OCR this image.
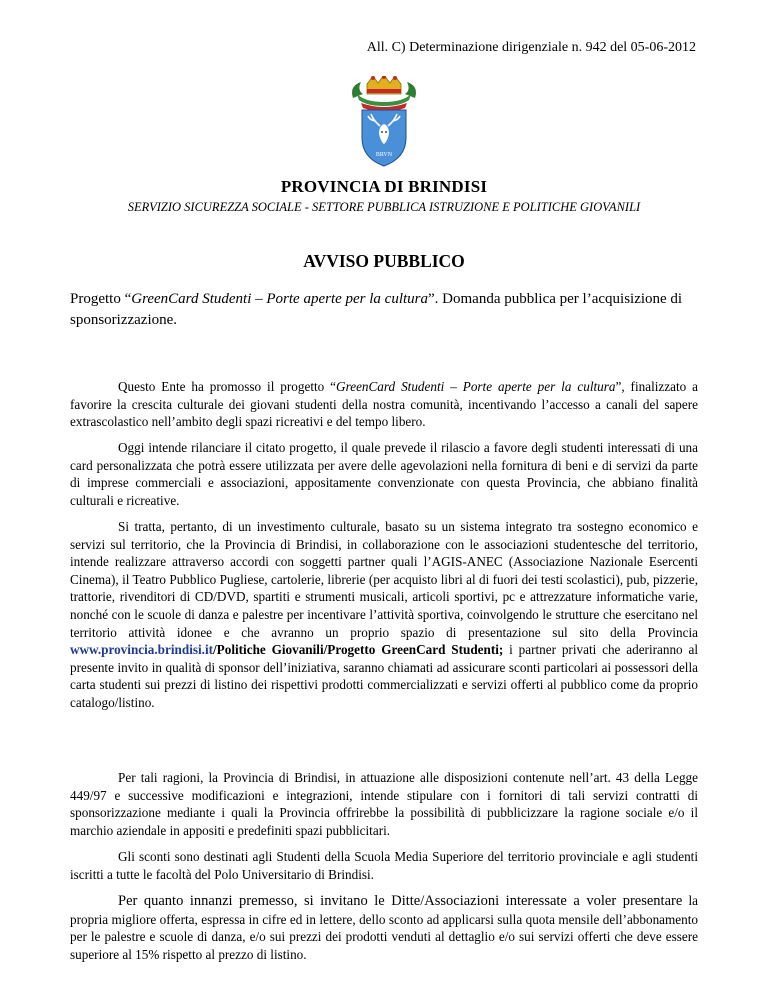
All. C) Determinazione dirigenziale n. 942 del 05-06-2012
BRVN
PROVINCIA DI BRINDISI
SERVIZIO SICUREZZA SOCIALE - SETTORE PUBBLICA ISTRUZIONE E POLITICHE GIOVANILI
AVVISO PUBBLICO
Progetto “GreenCard Studenti – Porte aperte per la cultura”. Domanda pubblica per l’acquisizione di sponsorizzazione.
Questo Ente ha promosso il progetto “GreenCard Studenti – Porte aperte per la cultura”, finalizzato a favorire la crescita culturale dei giovani studenti della nostra comunità, incentivando l’accesso a canali del sapere extrascolastico nell’ambito degli spazi ricreativi e del tempo libero.
Oggi intende rilanciare il citato progetto, il quale prevede il rilascio a favore degli studenti interessati di una card personalizzata che potrà essere utilizzata per avere delle agevolazioni nella fornitura di beni e di servizi da parte di imprese commerciali e associazioni, appositamente convenzionate con questa Provincia, che abbiano finalità culturali e ricreative.
Si tratta, pertanto, di un investimento culturale, basato su un sistema integrato tra sostegno economico e servizi sul territorio, che la Provincia di Brindisi, in collaborazione con le associazioni studentesche del territorio, intende realizzare attraverso accordi con soggetti partner quali l’AGIS-ANEC (Associazione Nazionale Esercenti Cinema), il Teatro Pubblico Pugliese, cartolerie, librerie (per acquisto libri al di fuori dei testi scolastici), pub, pizzerie, trattorie, rivenditori di CD/DVD, spartiti e strumenti musicali, articoli sportivi, pc e attrezzature informatiche varie, nonché con le scuole di danza e palestre per incentivare l’attività sportiva, coinvolgendo le strutture che esercitano nel territorio attività idonee e che avranno un proprio spazio di presentazione sul sito della Provincia www.provincia.brindisi.it/Politiche Giovanili/Progetto GreenCard Studenti; i partner privati che aderiranno al presente invito in qualità di sponsor dell’iniziativa, saranno chiamati ad assicurare sconti particolari ai possessori della carta studenti sui prezzi di listino dei rispettivi prodotti commercializzati e servizi offerti al pubblico come da proprio catalogo/listino.
Per tali ragioni, la Provincia di Brindisi, in attuazione alle disposizioni contenute nell’art. 43 della Legge 449/97 e successive modificazioni e integrazioni, intende stipulare con i fornitori di tali servizi contratti di sponsorizzazione mediante i quali la Provincia offrirebbe la possibilità di pubblicizzare la ragione sociale e/o il marchio aziendale in appositi e predefiniti spazi pubblicitari.
Gli sconti sono destinati agli Studenti della Scuola Media Superiore del territorio provinciale e agli studenti iscritti a tutte le facoltà del Polo Universitario di Brindisi.
Per quanto innanzi premesso, si invitano le Ditte/Associazioni interessate a voler presentare la propria migliore offerta, espressa in cifre ed in lettere, dello sconto ad applicarsi sulla quota mensile dell’abbonamento per le palestre e scuole di danza, e/o sui prezzi dei prodotti venduti al dettaglio e/o sui servizi offerti che deve essere superiore al 15% rispetto al prezzo di listino.
